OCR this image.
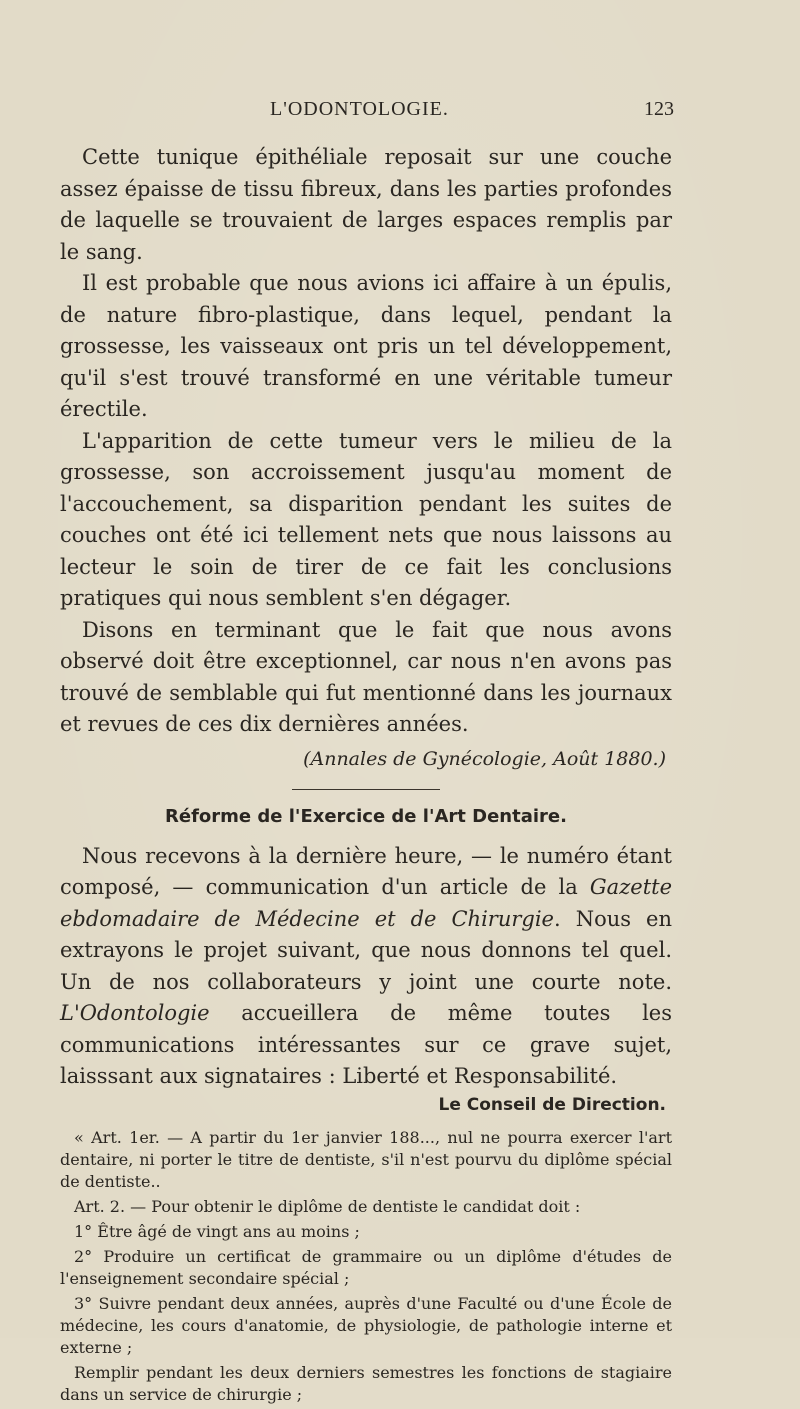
L'ODONTOLOGIE.	123

Cette tunique épithéliale reposait sur une couche assez épaisse de tissu fibreux, dans les parties profondes de laquelle se trouvaient de larges espaces remplis par le sang.

Il est probable que nous avions ici affaire à un épulis, de nature fibro-plastique, dans lequel, pendant la grossesse, les vaisseaux ont pris un tel développement, qu'il s'est trouvé transformé en une véritable tumeur érectile.

L'apparition de cette tumeur vers le milieu de la grossesse, son accroissement jusqu'au moment de l'accouchement, sa disparition pendant les suites de couches ont été ici tellement nets que nous laissons au lecteur le soin de tirer de ce fait les conclusions pratiques qui nous semblent s'en dégager.

Disons en terminant que le fait que nous avons observé doit être exceptionnel, car nous n'en avons pas trouvé de semblable qui fut mentionné dans les journaux et revues de ces dix dernières années.

(Annales de Gynécologie, Août 1880.)

Réforme de l'Exercice de l'Art Dentaire.

Nous recevons à la dernière heure, — le numéro étant composé, — communication d'un article de la Gazette ebdomadaire de Médecine et de Chirurgie. Nous en extrayons le projet suivant, que nous donnons tel quel. Un de nos collaborateurs y joint une courte note. L'Odontologie accueillera de même toutes les communications intéressantes sur ce grave sujet, laisssant aux signataires : Liberté et Responsabilité.

Le Conseil de Direction.

« Art. 1er. — A partir du 1er janvier 188..., nul ne pourra exercer l'art dentaire, ni porter le titre de dentiste, s'il n'est pourvu du diplôme spécial de dentiste..

Art. 2. — Pour obtenir le diplôme de dentiste le candidat doit :

1° Être âgé de vingt ans au moins ;

2° Produire un certificat de grammaire ou un diplôme d'études de l'enseignement secondaire spécial ;

3° Suivre pendant deux années, auprès d'une Faculté ou d'une École de médecine, les cours d'anatomie, de physiologie, de pathologie interne et externe ;

Remplir pendant les deux derniers semestres les fonctions de stagiaire dans un service de chirurgie ;
